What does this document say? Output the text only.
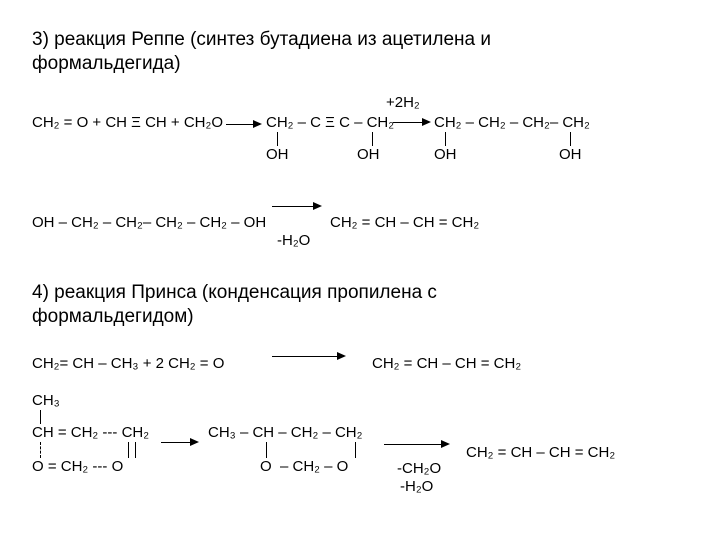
3) реакция Реппе (синтез бутадиена из ацетилена и
формальдегида)
CH₂ = O + CH Ξ CH + CH₂O	CH₂ – C Ξ C – CH₂
OH	OH
+2H₂
CH₂ – CH₂ – CH₂– CH₂
OH	OH
OH – CH₂ – CH₂– CH₂ – CH₂ – OH
-H₂O
CH₂ = CH – CH = CH₂
4) реакция Принса (конденсация пропилена с
формальдегидом)
CH₂= CH – CH₃ + 2 CH₂ = O	CH₂ = CH – CH = CH₂
CH₃
CH = CH₂ --- CH₂
O = CH₂ --- O
CH₃ – CH – CH₂ – CH₂
O – CH₂ – O	-CH₂O
-H₂O
CH₂ = CH – CH = CH₂
